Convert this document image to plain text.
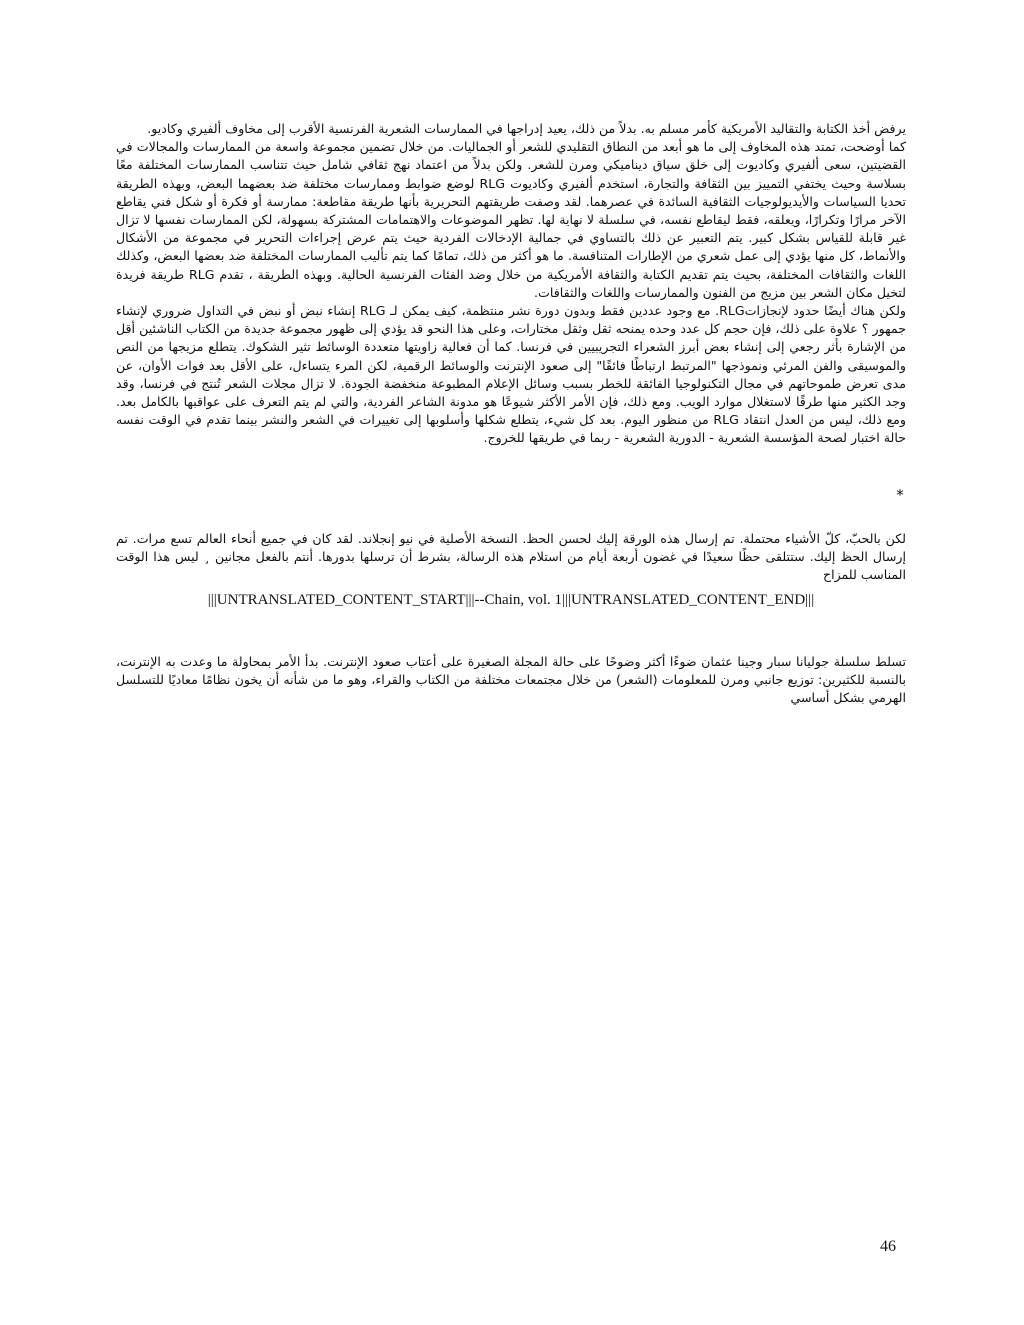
يرفض أخذ الكتابة والتقاليد الأمريكية كأمر مسلم به. بدلاً من ذلك، يعيد إدراجها في الممارسات الشعرية الفرنسية الأقرب إلى مخاوف ألفيري وكاديو.

كما أوضحت، تمتد هذه المخاوف إلى ما هو أبعد من النطاق التقليدي للشعر أو الجماليات. من خلال تضمين مجموعة واسعة من الممارسات والمجالات في القضيتين، سعى ألفيري وكاديوت إلى خلق سياق ديناميكي ومرن للشعر. ولكن بدلاً من اعتماد نهج ثقافي شامل حيث تتناسب الممارسات المختلفة معًا بسلاسة وحيث يختفي التمييز بين الثقافة والتجارة، استخدم ألفيري وكاديوت RLG لوضع ضوابط وممارسات مختلفة ضد بعضهما البعض، وبهذه الطريقة تحديا السياسات والأيديولوجيات الثقافية السائدة في عصرهما. لقد وصفت طريقتهم التحريرية بأنها طريقة مقاطعة: ممارسة أو فكرة أو شكل فني يقاطع الآخر مرارًا وتكرارًا، ويعلقه، فقط ليقاطع نفسه، في سلسلة لا نهاية لها. تظهر الموضوعات والاهتمامات المشتركة بسهولة، لكن الممارسات نفسها لا تزال غير قابلة للقياس بشكل كبير. يتم التعبير عن ذلك بالتساوي في جمالية الإدخالات الفردية حيث يتم عرض إجراءات التحرير في مجموعة من الأشكال والأنماط، كل منها يؤدي إلى عمل شعري من الإطارات المتنافسة. ما هو أكثر من ذلك، تمامًا كما يتم تأليب الممارسات المختلفة ضد بعضها البعض، وكذلك اللغات والثقافات المختلفة، بحيث يتم تقديم الكتابة والثقافة الأمريكية من خلال وضد الفئات الفرنسية الحالية. وبهذه الطريقة ، تقدم RLG طريقة فريدة لتخيل مكان الشعر بين مزيج من الفنون والممارسات واللغات والثقافات.

ولكن هناك أيضًا حدود لإنجازاتRLG. مع وجود عددين فقط وبدون دورة نشر منتظمة، كيف يمكن لـ RLG إنشاء نبض أو نبض في التداول ضروري لإنشاء جمهور ؟ علاوة على ذلك، فإن حجم كل عدد وحده يمنحه ثقل وثقل مختارات، وعلى هذا النحو قد يؤدي إلى ظهور مجموعة جديدة من الكتاب الناشئين أقل من الإشارة بأثر رجعي إلى إنشاء بعض أبرز الشعراء التجريبيين في فرنسا. كما أن فعالية زاويتها متعددة الوسائط تثير الشكوك. يتطلع مزيجها من النص والموسيقى والفن المرئي ونموذجها "المرتبط ارتباطًا فائقًا" إلى صعود الإنترنت والوسائط الرقمية، لكن المرء يتساءل، على الأقل بعد فوات الأوان، عن مدى تعرض طموحاتهم في مجال التكنولوجيا الفائقة للخطر بسبب وسائل الإعلام المطبوعة منخفضة الجودة. لا تزال مجلات الشعر تُنتج في فرنسا، وقد وجد الكثير منها طرقًا لاستغلال موارد الويب. ومع ذلك، فإن الأمر الأكثر شيوعًا هو مدونة الشاعر الفردية، والتي لم يتم التعرف على عواقبها بالكامل بعد. ومع ذلك، ليس من العدل انتقاد RLG من منظور اليوم. بعد كل شيء، يتطلع شكلها وأسلوبها إلى تغييرات في الشعر والنشر بينما تقدم في الوقت نفسه حالة اختبار لصحة المؤسسة الشعرية - الدورية الشعرية - ربما في طريقها للخروج.

*

لكن بالحبّ، كلّ الأشياء محتملة. تم إرسال هذه الورقة إليك لحسن الحظ. النسخة الأصلية في نيو إنجلاند. لقد كان في جميع أنحاء العالم تسع مرات. تم إرسال الحظ إليك. ستتلقى حظًا سعيدًا في غضون أربعة أيام من استلام هذه الرسالة، بشرط أن ترسلها بدورها. أنتم بالفعل مجانين ¸ ليس هذا الوقت المناسب للمزاح

|||UNTRANSLATED_CONTENT_START|||--Chain, vol. 1|||UNTRANSLATED_CONTENT_END|||

تسلط سلسلة جوليانا سبار وجينا عثمان ضوءًا أكثر وضوحًا على حالة المجلة الصغيرة على أعتاب صعود الإنترنت. بدأ الأمر بمحاولة ما وعدت به الإنترنت، بالنسبة للكثيرين: توزيع جانبي ومرن للمعلومات (الشعر) من خلال مجتمعات مختلفة من الكتاب والقراء، وهو ما من شأنه أن يخون نظامًا معاديًا للتسلسل الهرمي بشكل أساسي

46
